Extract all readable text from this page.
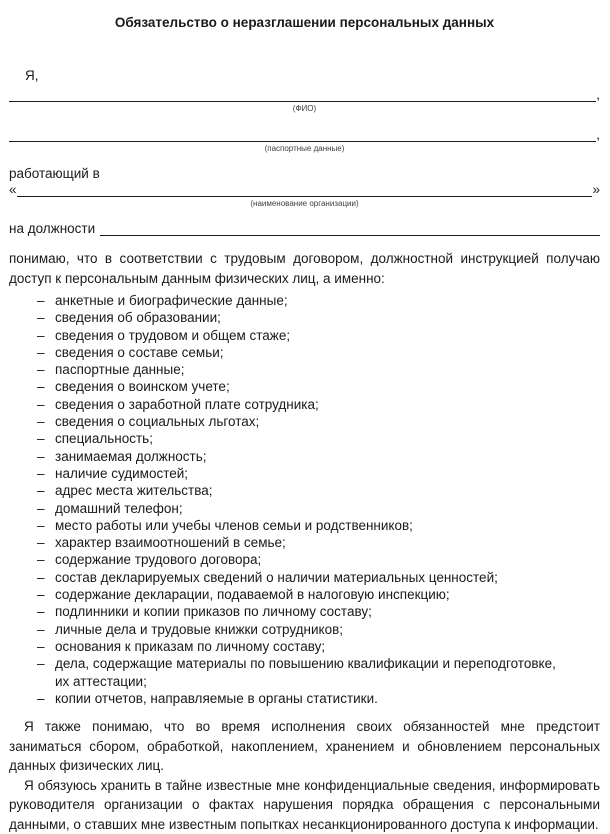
Обязательство о неразглашении персональных данных
Я,
,
(ФИО)
,
(паспортные данные)
работающий в
«	»
(наименование организации)
на должности

понимаю, что в соответствии с трудовым договором, должностной инструкцией получаю доступ к персональным данным физических лиц, а именно:

– анкетные и биографические данные;
– сведения об образовании;
– сведения о трудовом и общем стаже;
– сведения о составе семьи;
– паспортные данные;
– сведения о воинском учете;
– сведения о заработной плате сотрудника;
– сведения о социальных льготах;
– специальность;
– занимаемая должность;
– наличие судимостей;
– адрес места жительства;
– домашний телефон;
– место работы или учебы членов семьи и родственников;
– характер взаимоотношений в семье;
– содержание трудового договора;
– состав декларируемых сведений о наличии материальных ценностей;
– содержание декларации, подаваемой в налоговую инспекцию;
– подлинники и копии приказов по личному составу;
– личные дела и трудовые книжки сотрудников;
– основания к приказам по личному составу;
– дела, содержащие материалы по повышению квалификации и переподготовке, их аттестации;
– копии отчетов, направляемые в органы статистики.

Я также понимаю, что во время исполнения своих обязанностей мне предстоит заниматься сбором, обработкой, накоплением, хранением и обновлением персональных данных физических лиц.

Я обязуюсь хранить в тайне известные мне конфиденциальные сведения, информировать руководителя организации о фактах нарушения порядка обращения с персональными данными, о ставших мне известным попытках несанкционированного доступа к информации.
